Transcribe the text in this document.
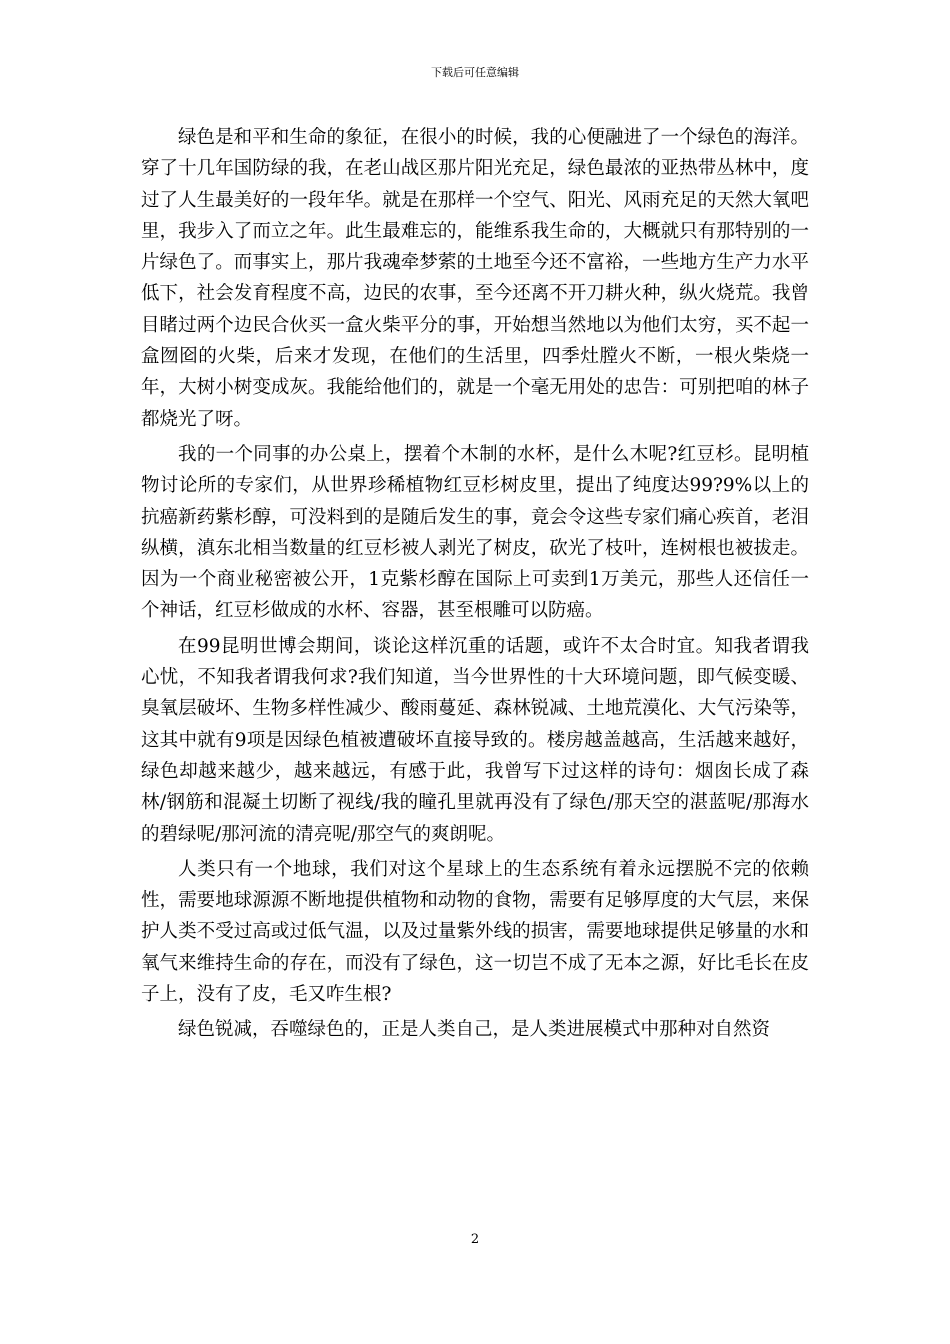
下载后可任意编辑

绿色是和平和生命的象征，在很小的时候，我的心便融进了一个绿色的海洋。穿了十几年国防绿的我，在老山战区那片阳光充足，绿色最浓的亚热带丛林中，度过了人生最美好的一段年华。就是在那样一个空气、阳光、风雨充足的天然大氧吧里，我步入了而立之年。此生最难忘的，能维系我生命的，大概就只有那特别的一片绿色了。而事实上，那片我魂牵梦萦的土地至今还不富裕，一些地方生产力水平低下，社会发育程度不高，边民的农事，至今还离不开刀耕火种，纵火烧荒。我曾目睹过两个边民合伙买一盒火柴平分的事，开始想当然地以为他们太穷，买不起一盒囫囵的火柴，后来才发现，在他们的生活里，四季灶膛火不断，一根火柴烧一年，大树小树变成灰。我能给他们的，就是一个毫无用处的忠告：可别把咱的林子都烧光了呀。

我的一个同事的办公桌上，摆着个木制的水杯，是什么木呢?红豆杉。昆明植物讨论所的专家们，从世界珍稀植物红豆杉树皮里，提出了纯度达99?9%以上的抗癌新药紫杉醇，可没料到的是随后发生的事，竟会令这些专家们痛心疾首，老泪纵横，滇东北相当数量的红豆杉被人剥光了树皮，砍光了枝叶，连树根也被拔走。因为一个商业秘密被公开，1克紫杉醇在国际上可卖到1万美元，那些人还信任一个神话，红豆杉做成的水杯、容器，甚至根雕可以防癌。

在99昆明世博会期间，谈论这样沉重的话题，或许不太合时宜。知我者谓我心忧，不知我者谓我何求?我们知道，当今世界性的十大环境问题，即气候变暖、臭氧层破坏、生物多样性减少、酸雨蔓延、森林锐减、土地荒漠化、大气污染等，这其中就有9项是因绿色植被遭破坏直接导致的。楼房越盖越高，生活越来越好，绿色却越来越少，越来越远，有感于此，我曾写下过这样的诗句：烟囱长成了森林/钢筋和混凝土切断了视线/我的瞳孔里就再没有了绿色/那天空的湛蓝呢/那海水的碧绿呢/那河流的清亮呢/那空气的爽朗呢。

人类只有一个地球，我们对这个星球上的生态系统有着永远摆脱不完的依赖性，需要地球源源不断地提供植物和动物的食物，需要有足够厚度的大气层，来保护人类不受过高或过低气温，以及过量紫外线的损害，需要地球提供足够量的水和氧气来维持生命的存在，而没有了绿色，这一切岂不成了无本之源，好比毛长在皮子上，没有了皮，毛又咋生根?

绿色锐减，吞噬绿色的，正是人类自己，是人类进展模式中那种对自然资

2
